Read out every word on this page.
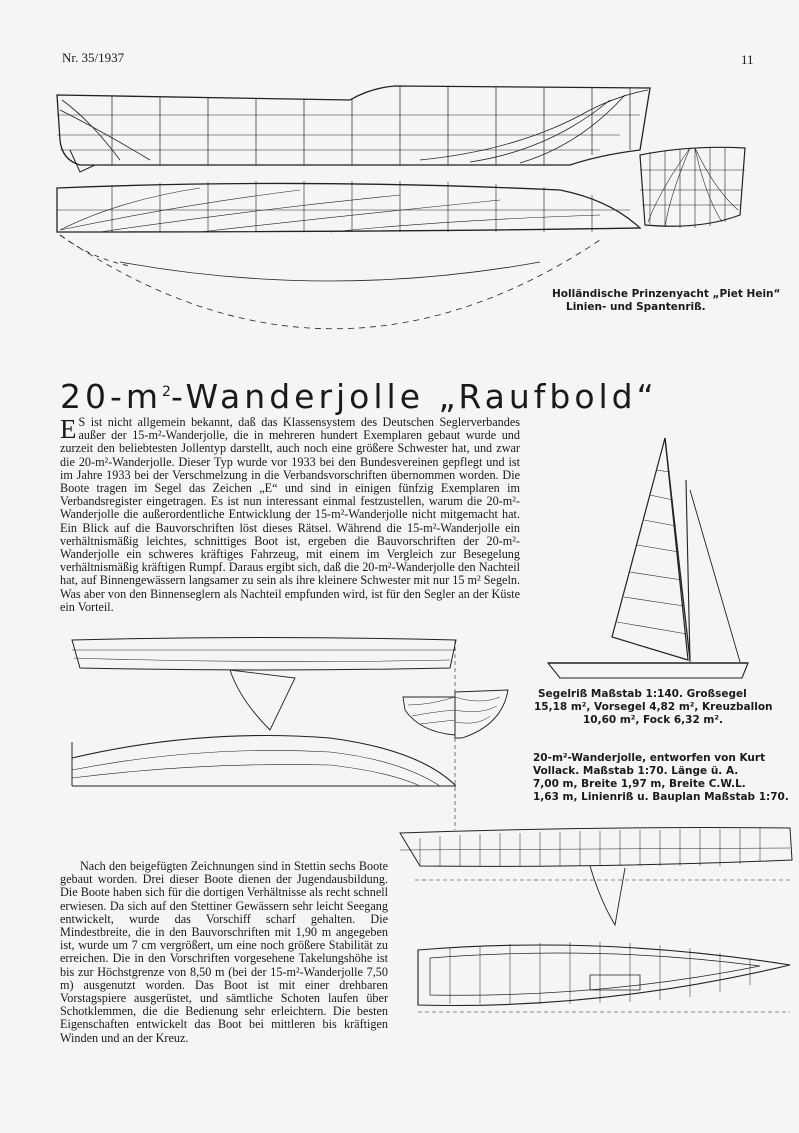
Nr. 35/1937	11
Holländische Prinzenyacht „Piet Hein“
Linien- und Spantenriß.
$20-m^2$-Wanderjolle „Raufbold“
E S ist nicht allgemein bekannt, daß das Klassensystem des Deutschen Seglerverbandes außer der 15-m²-Wanderjolle, die in mehreren hundert Exemplaren gebaut wurde und zurzeit den beliebtesten Jollentyp darstellt, auch noch eine größere Schwester hat, und zwar die 20-m²-Wanderjolle. Dieser Typ wurde vor 1933 bei den Bundesvereinen gepflegt und ist im Jahre 1933 bei der Verschmelzung in die Verbandsvorschriften übernommen worden. Die Boote tragen im Segel das Zeichen „E“ und sind in einigen fünfzig Exemplaren im Verbandsregister eingetragen. Es ist nun interessant einmal festzustellen, warum die 20-m²-Wanderjolle die außerordentliche Entwicklung der 15-m²-Wanderjolle nicht mitgemacht hat. Ein Blick auf die Bauvorschriften löst dieses Rätsel. Während die 15-m²-Wanderjolle ein verhältnismäßig leichtes, schnittiges Boot ist, ergeben die Bauvorschriften der 20-m²-Wanderjolle ein schweres kräftiges Fahrzeug, mit einem im Vergleich zur Besegelung verhältnismäßig kräftigen Rumpf. Daraus ergibt sich, daß die 20-m²-Wanderjolle den Nachteil hat, auf Binnengewässern langsamer zu sein als ihre kleinere Schwester mit nur 15 m² Segeln. Was aber von den Binnenseglern als Nachteil empfunden wird, ist für den Segler an der Küste ein Vorteil.
Segelriß Maßstab 1:140. Großsegel
15,18 m², Vorsegel 4,82 m², Kreuzballon
10,60 m², Fock 6,32 m².
20-m²-Wanderjolle, entworfen von Kurt
Vollack. Maßstab 1:70. Länge ü. A.
7,00 m, Breite 1,97 m, Breite C.W.L.
1,63 m, Linienriß u. Bauplan Maßstab 1:70.
Nach den beigefügten Zeichnungen sind in Stettin sechs Boote gebaut worden. Drei dieser Boote dienen der Jugendausbildung. Die Boote haben sich für die dortigen Verhältnisse als recht schnell erwiesen. Da sich auf den Stettiner Gewässern sehr leicht Seegang entwickelt, wurde das Vorschiff scharf gehalten. Die Mindestbreite, die in den Bauvorschriften mit 1,90 m angegeben ist, wurde um 7 cm vergrößert, um eine noch größere Stabilität zu erreichen. Die in den Vorschriften vorgesehene Takelungshöhe ist bis zur Höchstgrenze von 8,50 m (bei der 15-m²-Wanderjolle 7,50 m) ausgenutzt worden. Das Boot ist mit einer drehbaren Vorstagspiere ausgerüstet, und sämtliche Schoten laufen über Schotklemmen, die die Bedienung sehr erleichtern. Die besten Eigenschaften entwickelt das Boot bei mittleren bis kräftigen Winden und an der Kreuz.
